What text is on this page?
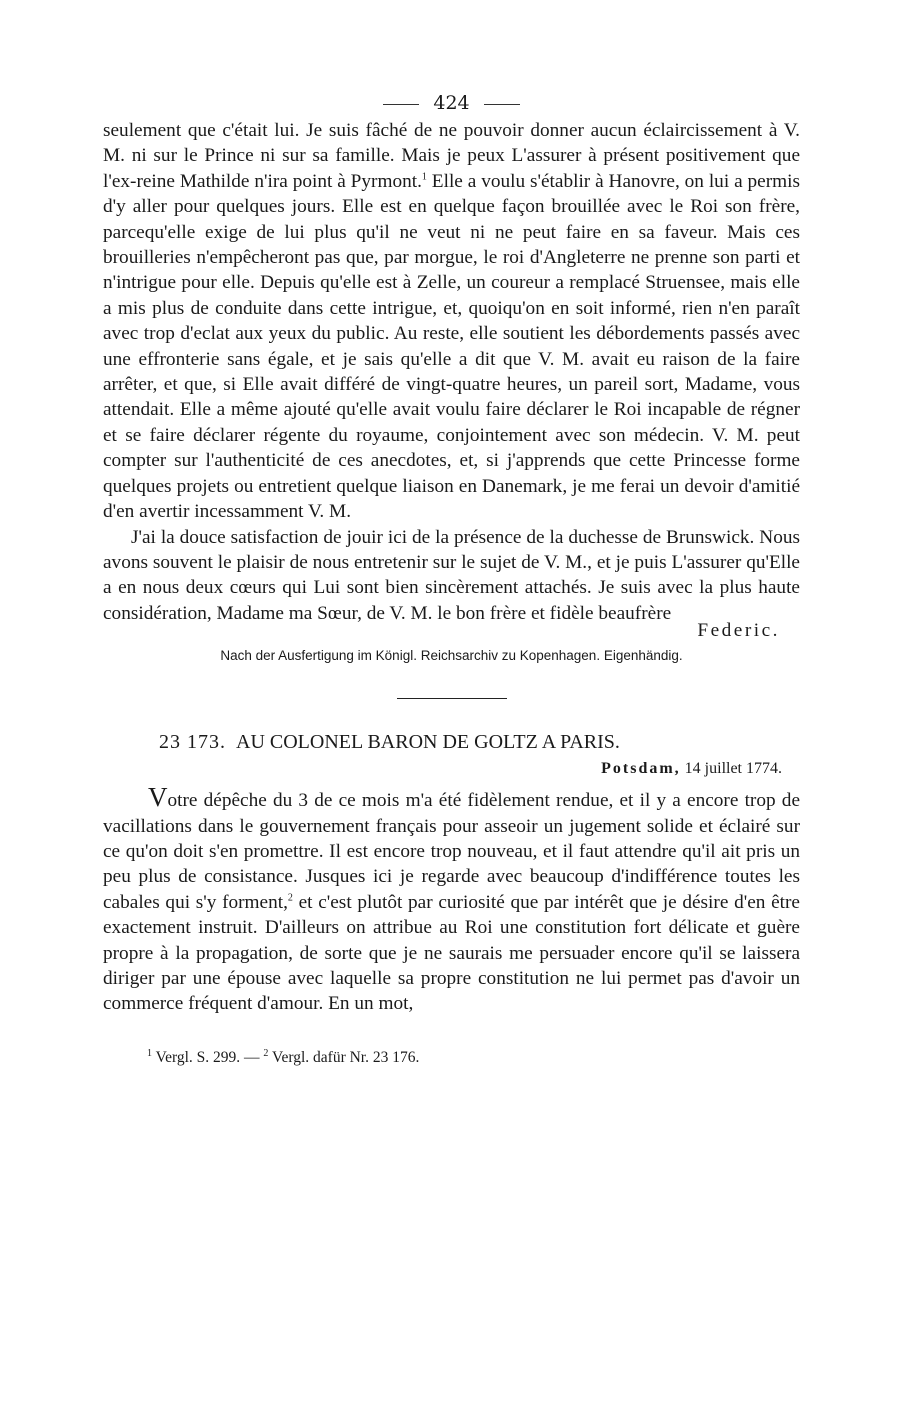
424

seulement que c'était lui. Je suis fâché de ne pouvoir donner aucun éclaircissement à V. M. ni sur le Prince ni sur sa famille. Mais je peux L'assurer à présent positivement que l'ex-reine Mathilde n'ira point à Pyrmont.$^1$ Elle a voulu s'établir à Hanovre, on lui a permis d'y aller pour quelques jours. Elle est en quelque façon brouillée avec le Roi son frère, parcequ'elle exige de lui plus qu'il ne veut ni ne peut faire en sa faveur. Mais ces brouilleries n'empêcheront pas que, par morgue, le roi d'Angleterre ne prenne son parti et n'intrigue pour elle. Depuis qu'elle est à Zelle, un coureur a remplacé Struensee, mais elle a mis plus de conduite dans cette intrigue, et, quoiqu'on en soit informé, rien n'en paraît avec trop d'eclat aux yeux du public. Au reste, elle soutient les débordements passés avec une effronterie sans égale, et je sais qu'elle a dit que V. M. avait eu raison de la faire arrêter, et que, si Elle avait différé de vingt-quatre heures, un pareil sort, Madame, vous attendait. Elle a même ajouté qu'elle avait voulu faire déclarer le Roi incapable de régner et se faire déclarer régente du royaume, conjointement avec son médecin. V. M. peut compter sur l'authenticité de ces anecdotes, et, si j'apprends que cette Princesse forme quelques projets ou entretient quelque liaison en Danemark, je me ferai un devoir d'amitié d'en avertir incessamment V. M.

J'ai la douce satisfaction de jouir ici de la présence de la duchesse de Brunswick. Nous avons souvent le plaisir de nous entretenir sur le sujet de V. M., et je puis L'assurer qu'Elle a en nous deux cœurs qui Lui sont bien sincèrement attachés. Je suis avec la plus haute considération, Madame ma Sœur, de V. M. le bon frère et fidèle beaufrère

Federic.
Nach der Ausfertigung im Königl. Reichsarchiv zu Kopenhagen. Eigenhändig.
23 173. AU COLONEL BARON DE GOLTZ A PARIS.
Potsdam, 14 juillet 1774.

Votre dépêche du 3 de ce mois m'a été fidèlement rendue, et il y a encore trop de vacillations dans le gouvernement français pour asseoir un jugement solide et éclairé sur ce qu'on doit s'en promettre. Il est encore trop nouveau, et il faut attendre qu'il ait pris un peu plus de consistance. Jusques ici je regarde avec beaucoup d'indifférence toutes les cabales qui s'y forment,$^2$ et c'est plutôt par curiosité que par intérêt que je désire d'en être exactement instruit. D'ailleurs on attribue au Roi une constitution fort délicate et guère propre à la propagation, de sorte que je ne saurais me persuader encore qu'il se laissera diriger par une épouse avec laquelle sa propre constitution ne lui permet pas d'avoir un commerce fréquent d'amour. En un mot,

$^1$ Vergl. S. 299. — $^2$ Vergl. dafür Nr. 23 176.
